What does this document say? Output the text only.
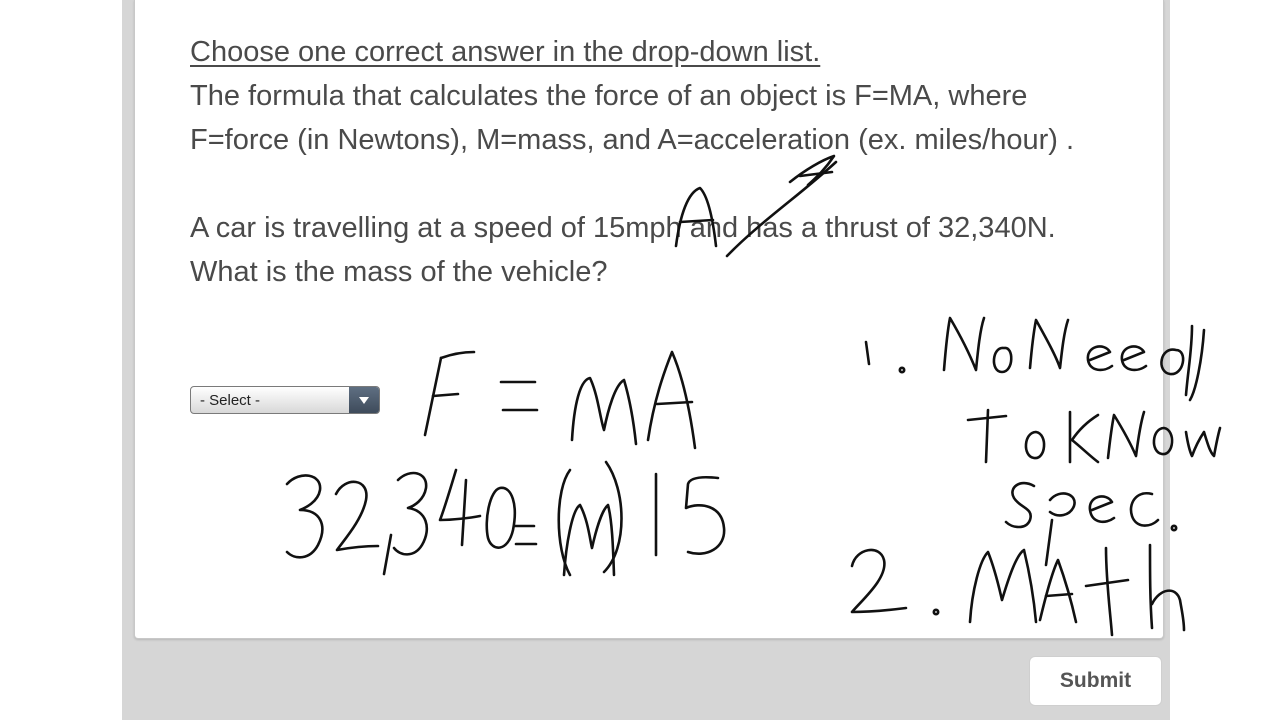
Choose one correct answer in the drop-down list.
The formula that calculates the force of an object is F=MA, where F=force (in Newtons), M=mass, and A=acceleration (ex. miles/hour) .
A car is travelling at a speed of 15mph and has a thrust of 32,340N. What is the mass of the vehicle?
- Select -
Submit
